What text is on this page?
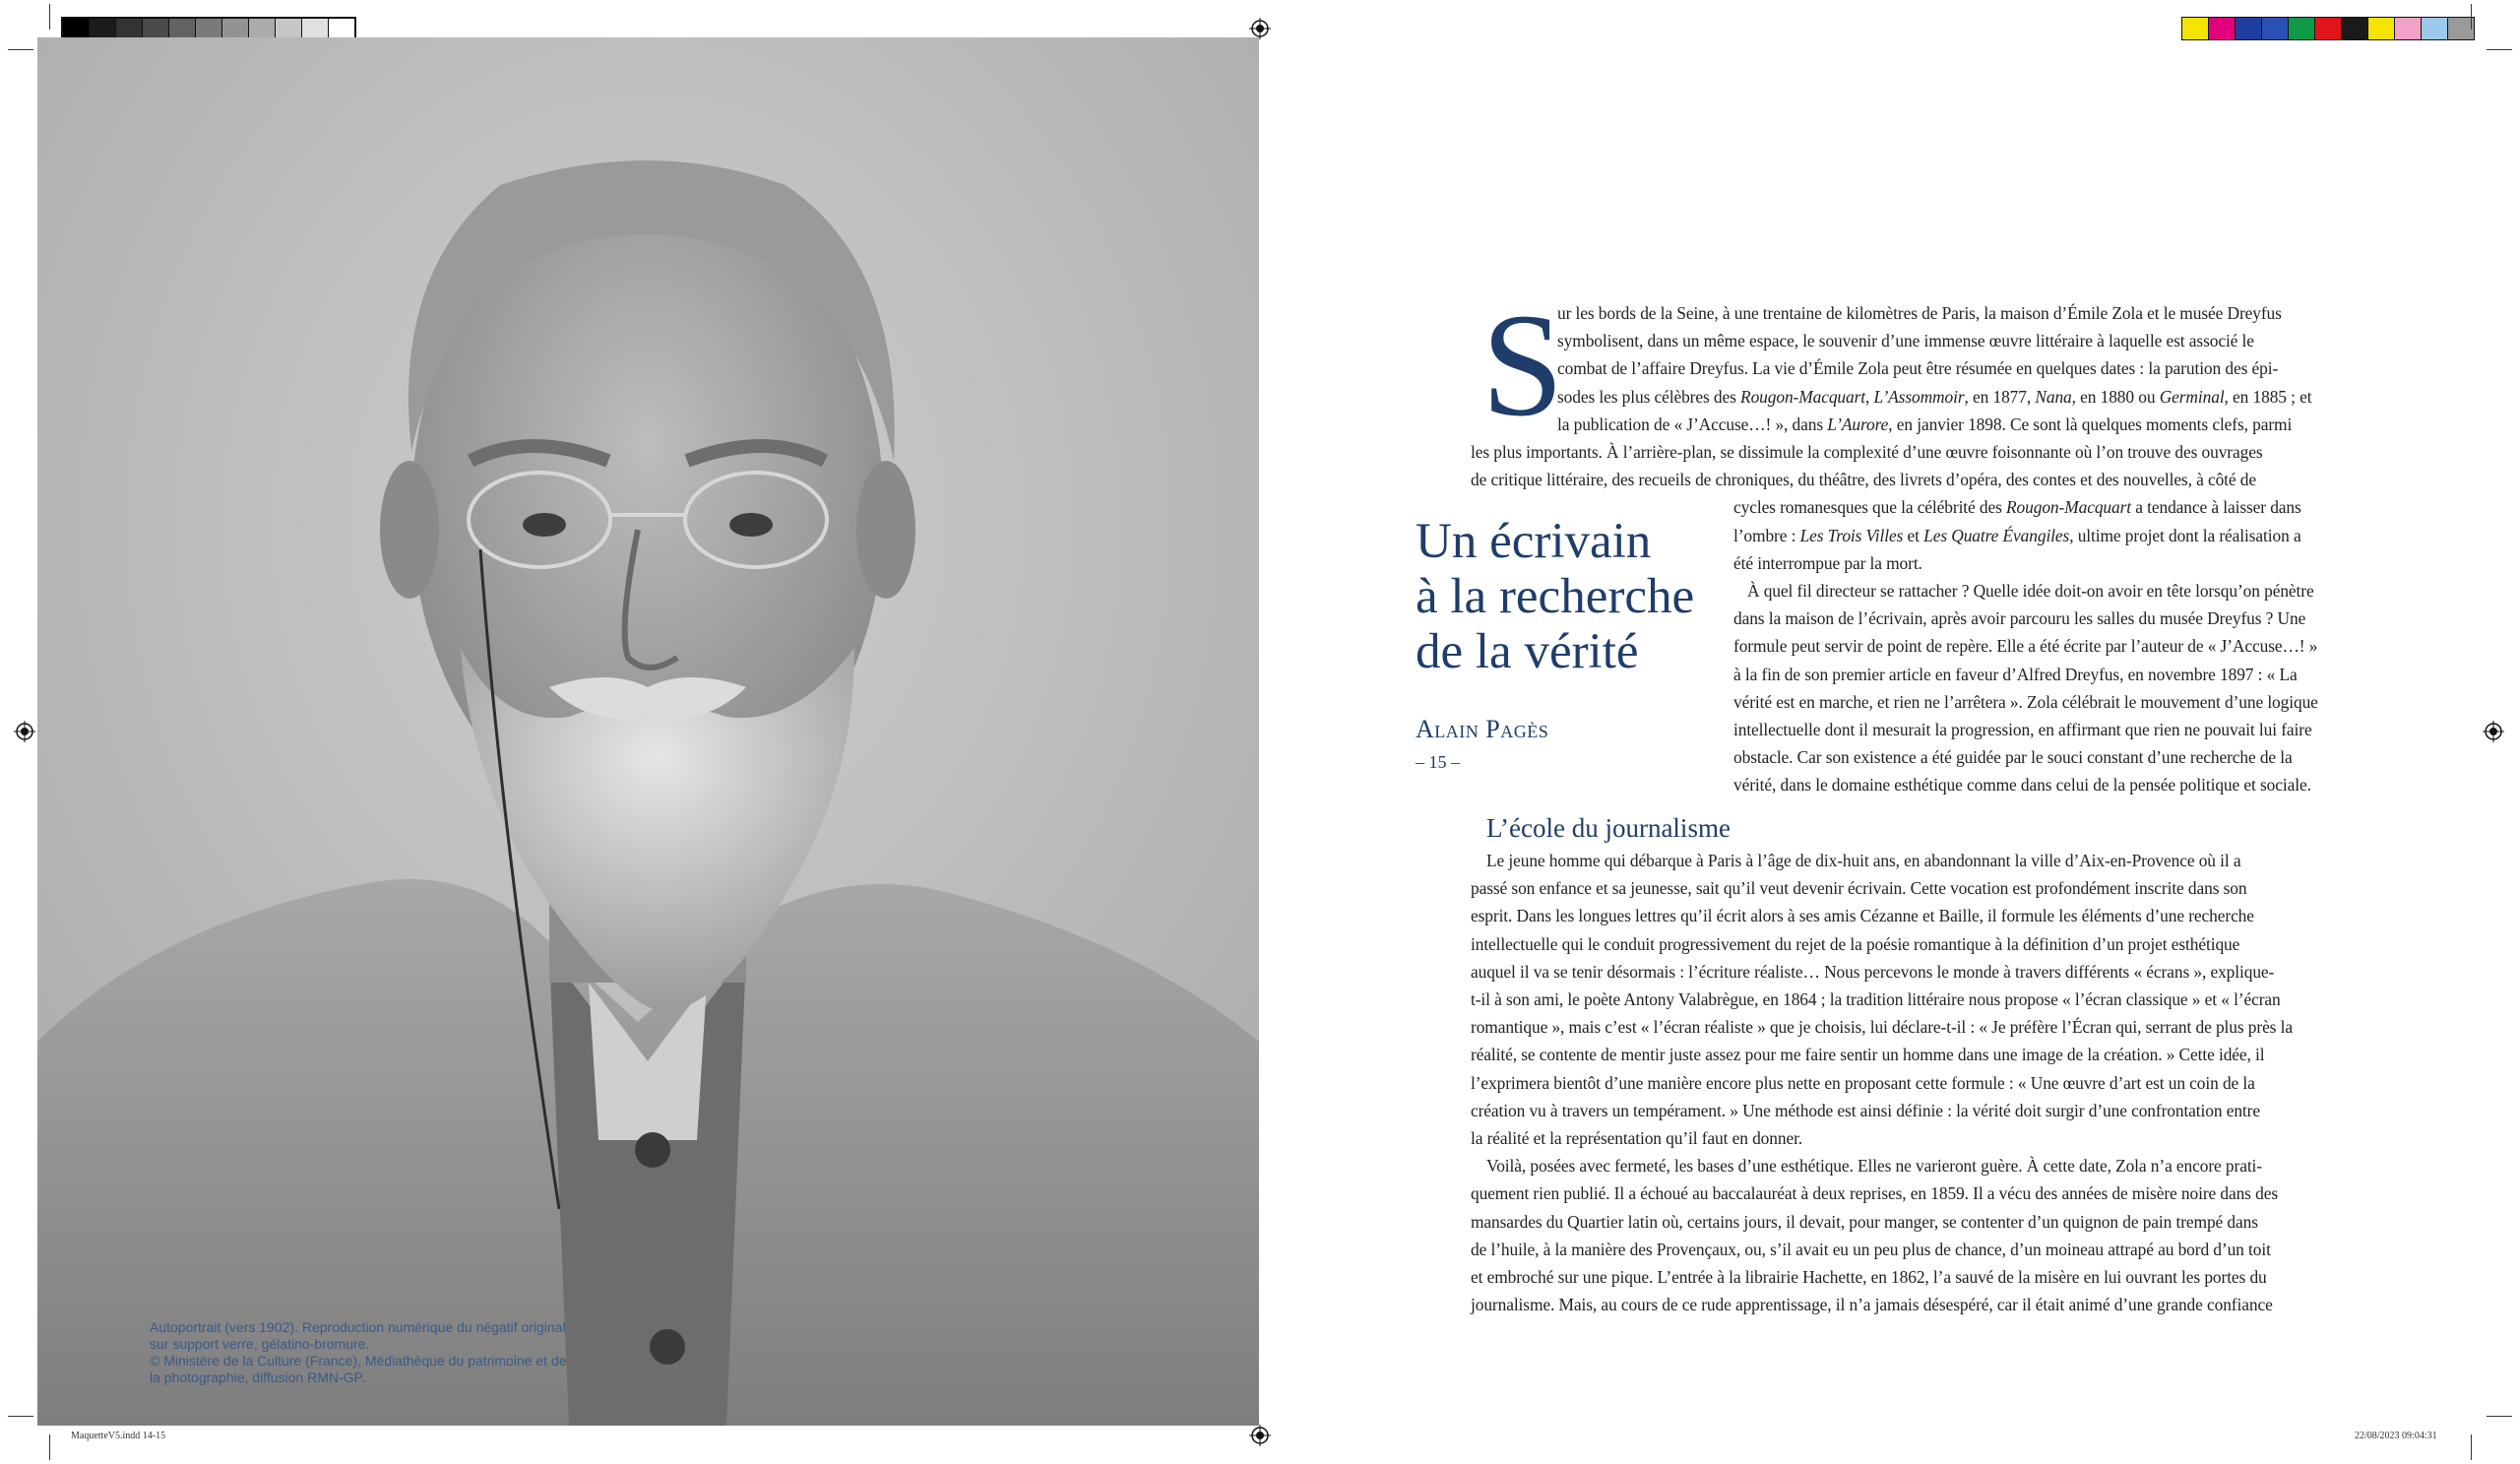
Autoportrait (vers 1902). Reproduction numérique du négatif original
sur support verre, gélatino-bromure.
© Ministère de la Culture (France), Médiathèque du patrimoine et de
la photographie, diffusion RMN-GP.
Un écrivain
à la recherche
de la vérité
Alain Pagès
– 15 –
S
ur les bords de la Seine, à une trentaine de kilomètres de Paris, la maison d’Émile Zola et le musée Dreyfus
symbolisent, dans un même espace, le souvenir d’une immense œuvre littéraire à laquelle est associé le
combat de l’affaire Dreyfus. La vie d’Émile Zola peut être résumée en quelques dates : la parution des épi-
sodes les plus célèbres des Rougon-Macquart, L’Assommoir, en 1877, Nana, en 1880 ou Germinal, en 1885 ; et
la publication de « J’Accuse…! », dans L’Aurore, en janvier 1898. Ce sont là quelques moments clefs, parmi
les plus importants. À l’arrière-plan, se dissimule la complexité d’une œuvre foisonnante où l’on trouve des ouvrages
de critique littéraire, des recueils de chroniques, du théâtre, des livrets d’opéra, des contes et des nouvelles, à côté de
cycles romanesques que la célébrité des Rougon-Macquart a tendance à laisser dans
l’ombre : Les Trois Villes et Les Quatre Évangiles, ultime projet dont la réalisation a
été interrompue par la mort.
À quel fil directeur se rattacher ? Quelle idée doit-on avoir en tête lorsqu’on pénètre
dans la maison de l’écrivain, après avoir parcouru les salles du musée Dreyfus ? Une
formule peut servir de point de repère. Elle a été écrite par l’auteur de « J’Accuse…! »
à la fin de son premier article en faveur d’Alfred Dreyfus, en novembre 1897 : « La
vérité est en marche, et rien ne l’arrêtera ». Zola célébrait le mouvement d’une logique
intellectuelle dont il mesurait la progression, en affirmant que rien ne pouvait lui faire
obstacle. Car son existence a été guidée par le souci constant d’une recherche de la
vérité, dans le domaine esthétique comme dans celui de la pensée politique et sociale.
L’école du journalisme
Le jeune homme qui débarque à Paris à l’âge de dix-huit ans, en abandonnant la ville d’Aix-en-Provence où il a
passé son enfance et sa jeunesse, sait qu’il veut devenir écrivain. Cette vocation est profondément inscrite dans son
esprit. Dans les longues lettres qu’il écrit alors à ses amis Cézanne et Baille, il formule les éléments d’une recherche
intellectuelle qui le conduit progressivement du rejet de la poésie romantique à la définition d’un projet esthétique
auquel il va se tenir désormais : l’écriture réaliste… Nous percevons le monde à travers différents « écrans », explique-
t-il à son ami, le poète Antony Valabrègue, en 1864 ; la tradition littéraire nous propose « l’écran classique » et « l’écran
romantique », mais c’est « l’écran réaliste » que je choisis, lui déclare-t-il : « Je préfère l’Écran qui, serrant de plus près la
réalité, se contente de mentir juste assez pour me faire sentir un homme dans une image de la création. » Cette idée, il
l’exprimera bientôt d’une manière encore plus nette en proposant cette formule : « Une œuvre d’art est un coin de la
création vu à travers un tempérament. » Une méthode est ainsi définie : la vérité doit surgir d’une confrontation entre
la réalité et la représentation qu’il faut en donner.
Voilà, posées avec fermeté, les bases d’une esthétique. Elles ne varieront guère. À cette date, Zola n’a encore prati-
quement rien publié. Il a échoué au baccalauréat à deux reprises, en 1859. Il a vécu des années de misère noire dans des
mansardes du Quartier latin où, certains jours, il devait, pour manger, se contenter d’un quignon de pain trempé dans
de l’huile, à la manière des Provençaux, ou, s’il avait eu un peu plus de chance, d’un moineau attrapé au bord d’un toit
et embroché sur une pique. L’entrée à la librairie Hachette, en 1862, l’a sauvé de la misère en lui ouvrant les portes du
journalisme. Mais, au cours de ce rude apprentissage, il n’a jamais désespéré, car il était animé d’une grande confiance
MaquetteV5.indd 14-15	22/08/2023 09:04:31
